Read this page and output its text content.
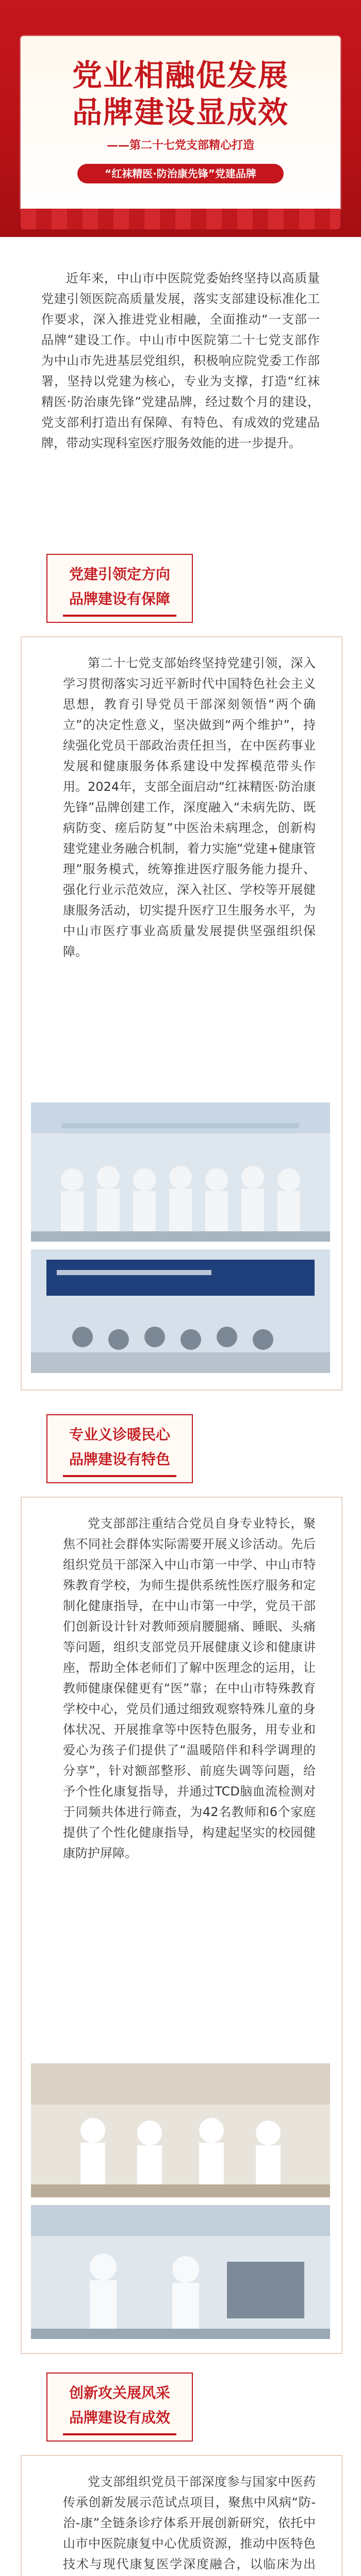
党业相融促发展
品牌建设显成效
——第二十七党支部精心打造
“红袜精医·防治康先锋”党建品牌
近年来，中山市中医院党委始终坚持以高质量党建引领医院高质量发展，落实支部建设标准化工作要求，深入推进党业相融，全面推动“一支部一品牌”建设工作。中山市中医院第二十七党支部作为中山市先进基层党组织，积极响应院党委工作部署，坚持以党建为核心，专业为支撑，打造“红袜精医·防治康先锋”党建品牌，经过数个月的建设，党支部利打造出有保障、有特色、有成效的党建品牌，带动实现科室医疗服务效能的进一步提升。
党建引领定方向
品牌建设有保障
第二十七党支部始终坚持党建引领，深入学习贯彻落实习近平新时代中国特色社会主义思想，教育引导党员干部深刻领悟“两个确立”的决定性意义，坚决做到“两个维护”，持续强化党员干部政治责任担当，在中医药事业发展和健康服务体系建设中发挥模范带头作用。2024年，支部全面启动“红袜精医·防治康先锋”品牌创建工作，深度融入“未病先防、既病防变、瘥后防复”中医治未病理念，创新构建党建业务融合机制，着力实施“党建+健康管理”服务模式，统筹推进医疗服务能力提升、强化行业示范效应，深入社区、学校等开展健康服务活动，切实提升医疗卫生服务水平，为中山市医疗事业高质量发展提供坚强组织保障。
专业义诊暖民心
品牌建设有特色
党支部部注重结合党员自身专业特长，聚焦不同社会群体实际需要开展义诊活动。先后组织党员干部深入中山市第一中学、中山市特殊教育学校，为师生提供系统性医疗服务和定制化健康指导，在中山市第一中学，党员干部们创新设计针对教师颈肩腰腿痛、睡眠、头痛等问题，组织支部党员开展健康义诊和健康讲座，帮助全体老师们了解中医理念的运用，让教师健康保健更有“医”靠；在中山市特殊教育学校中心，党员们通过细致观察特殊儿童的身体状况、开展推拿等中医特色服务，用专业和爱心为孩子们提供了“温暖陪伴和科学调理的分享”，针对额部整形、前庭失调等问题，给予个性化康复指导，并通过TCD脑血流检测对于同频共体进行筛查，为42名教师和6个家庭提供了个性化健康指导，构建起坚实的校园健康防护屏障。
创新攻关展风采
品牌建设有成效
党支部组织党员干部深度参与国家中医药传承创新发展示范试点项目，聚焦中风病“防-治-康”全链条诊疗体系开展创新研究，依托中山市中医院康复中心优质资源，推动中医特色技术与现代康复医学深度融合，以临床为出
